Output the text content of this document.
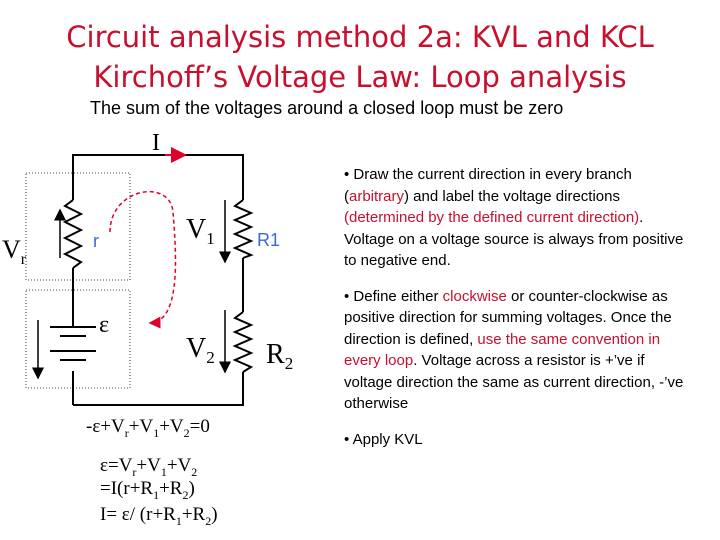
Circuit analysis method 2a: KVL and KCL
Kirchoff’s Voltage Law: Loop analysis
The sum of the voltages around a closed loop must be zero
I
$V_r$
r	$V_1$ R1
ε
$V_2$ $R_2$
$-\varepsilon+V_r+V_1+V_2=0$
$\varepsilon=V_r+V_1+V_2$
$=I(r+R_1+R_2)$
I= ε/ $(r+R_1+R_2)$

• Draw the current direction in every branch (arbitrary) and label the voltage directions (determined by the defined current direction). Voltage on a voltage source is always from positive to negative end.

• Define either clockwise or counter-clockwise as positive direction for summing voltages. Once the direction is defined, use the same convention in every loop. Voltage across a resistor is +’ve if voltage direction the same as current direction, -’ve otherwise

• Apply KVL
